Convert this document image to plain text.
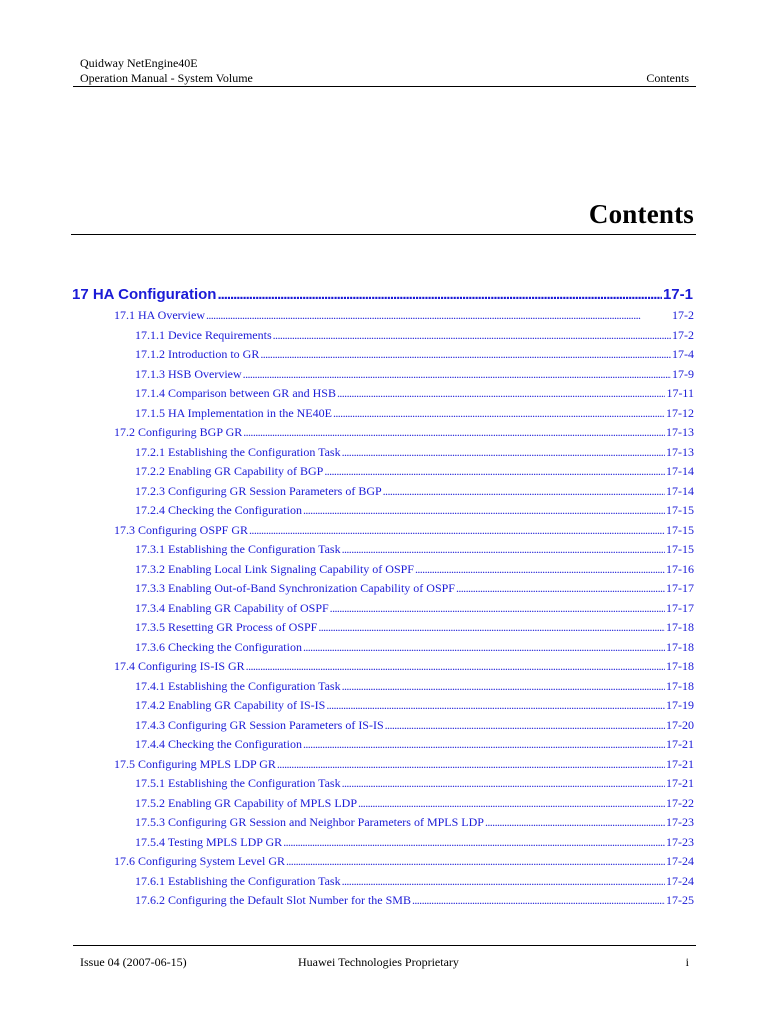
Quidway NetEngine40E
Operation Manual - System Volume	Contents
Contents
17 HA Configuration . . .	17-1
17.1 HA Overview . . .	17-2
17.1.1 Device Requirements . . .	17-2
17.1.2 Introduction to GR . . .	17-4
17.1.3 HSB Overview . . .	17-9
17.1.4 Comparison between GR and HSB . . .	17-11
17.1.5 HA Implementation in the NE40E . . .	17-12
17.2 Configuring BGP GR . . .	17-13
17.2.1 Establishing the Configuration Task . . .	17-13
17.2.2 Enabling GR Capability of BGP . . .	17-14
17.2.3 Configuring GR Session Parameters of BGP . . .	17-14
17.2.4 Checking the Configuration . . .	17-15
17.3 Configuring OSPF GR . . .	17-15
17.3.1 Establishing the Configuration Task . . .	17-15
17.3.2 Enabling Local Link Signaling Capability of OSPF . . .	17-16
17.3.3 Enabling Out-of-Band Synchronization Capability of OSPF . . .	17-17
17.3.4 Enabling GR Capability of OSPF . . .	17-17
17.3.5 Resetting GR Process of OSPF . . .	17-18
17.3.6 Checking the Configuration . . .	17-18
17.4 Configuring IS-IS GR . . .	17-18
17.4.1 Establishing the Configuration Task . . .	17-18
17.4.2 Enabling GR Capability of IS-IS . . .	17-19
17.4.3 Configuring GR Session Parameters of IS-IS . . .	17-20
17.4.4 Checking the Configuration . . .	17-21
17.5 Configuring MPLS LDP GR . . .	17-21
17.5.1 Establishing the Configuration Task . . .	17-21
17.5.2 Enabling GR Capability of MPLS LDP . . .	17-22
17.5.3 Configuring GR Session and Neighbor Parameters of MPLS LDP . . .	17-23
17.5.4 Testing MPLS LDP GR . . .	17-23
17.6 Configuring System Level GR . . .	17-24
17.6.1 Establishing the Configuration Task . . .	17-24
17.6.2 Configuring the Default Slot Number for the SMB . . .	17-25
Issue 04 (2007-06-15)	Huawei Technologies Proprietary	i
